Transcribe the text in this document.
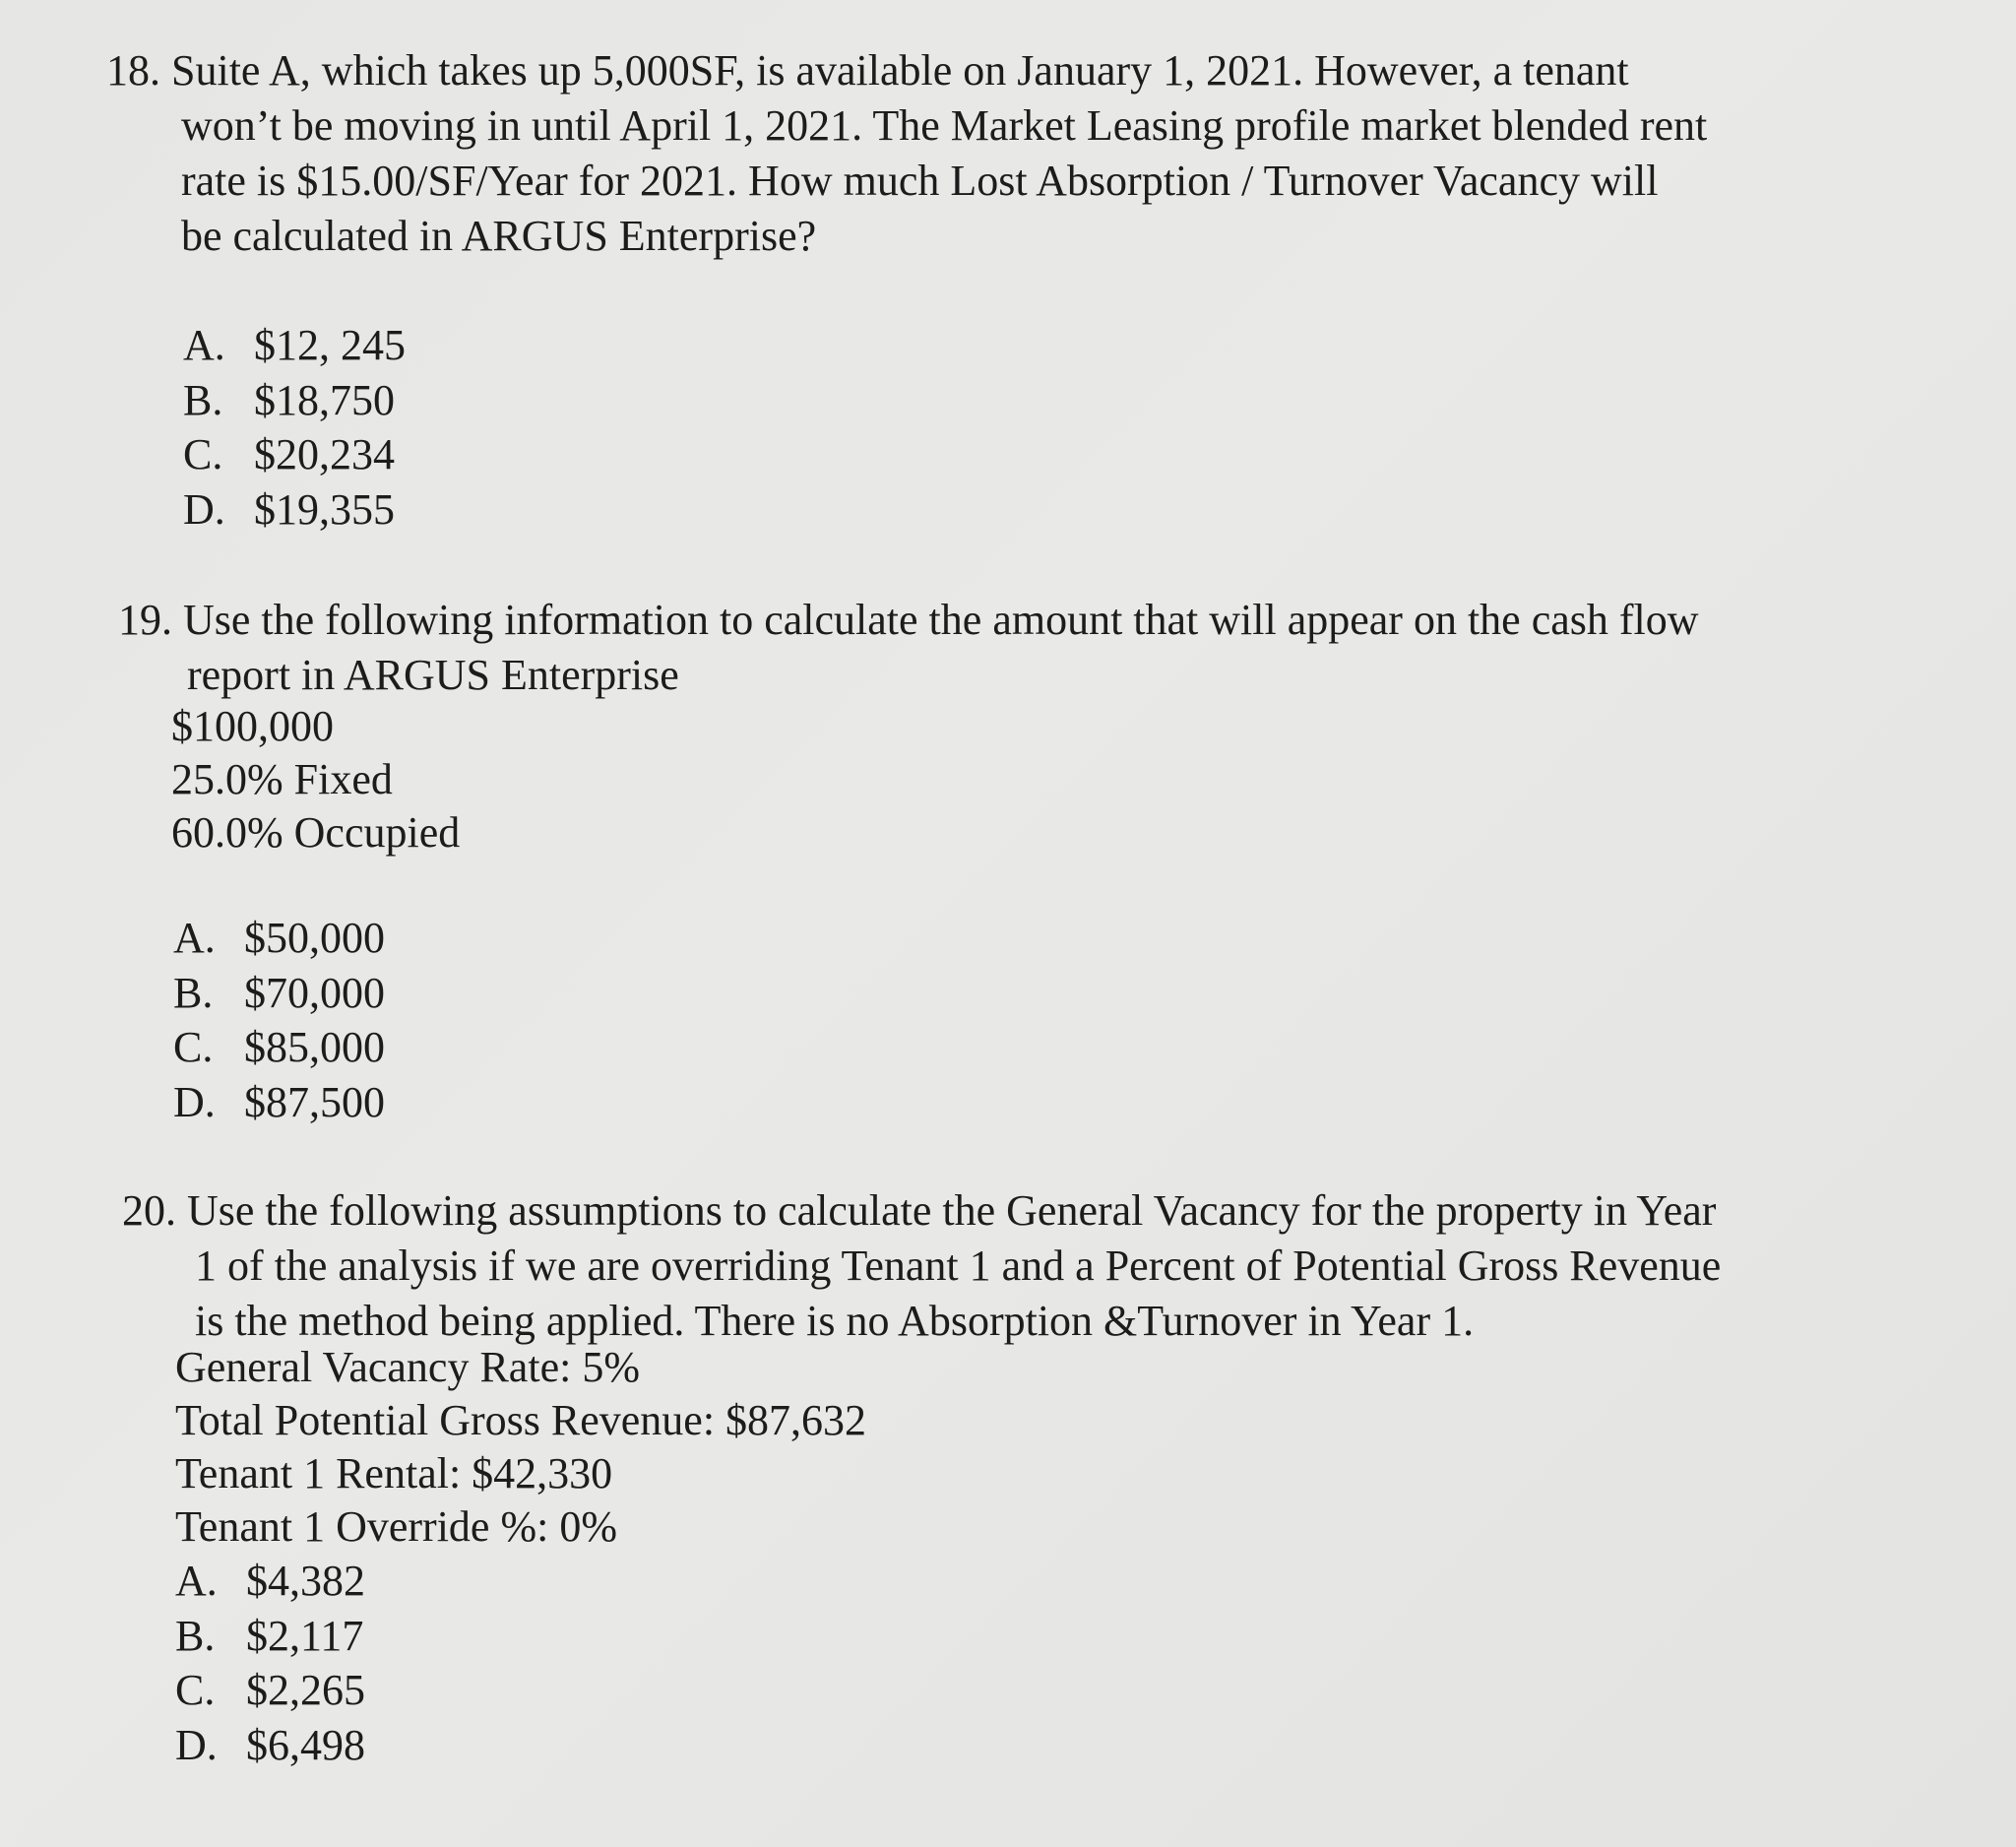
18. Suite A, which takes up 5,000SF, is available on January 1, 2021. However, a tenant
won’t be moving in until April 1, 2021. The Market Leasing profile market blended rent
rate is $15.00/SF/Year for 2021. How much Lost Absorption / Turnover Vacancy will
be calculated in ARGUS Enterprise?
A. $12, 245
B. $18,750
C. $20,234
D. $19,355
19. Use the following information to calculate the amount that will appear on the cash flow
report in ARGUS Enterprise
$100,000
25.0% Fixed
60.0% Occupied
A. $50,000
B. $70,000
C. $85,000
D. $87,500
20. Use the following assumptions to calculate the General Vacancy for the property in Year
1 of the analysis if we are overriding Tenant 1 and a Percent of Potential Gross Revenue
is the method being applied. There is no Absorption &Turnover in Year 1.
General Vacancy Rate: 5%
Total Potential Gross Revenue: $87,632
Tenant 1 Rental: $42,330
Tenant 1 Override %: 0%
A. $4,382
B. $2,117
C. $2,265
D. $6,498
